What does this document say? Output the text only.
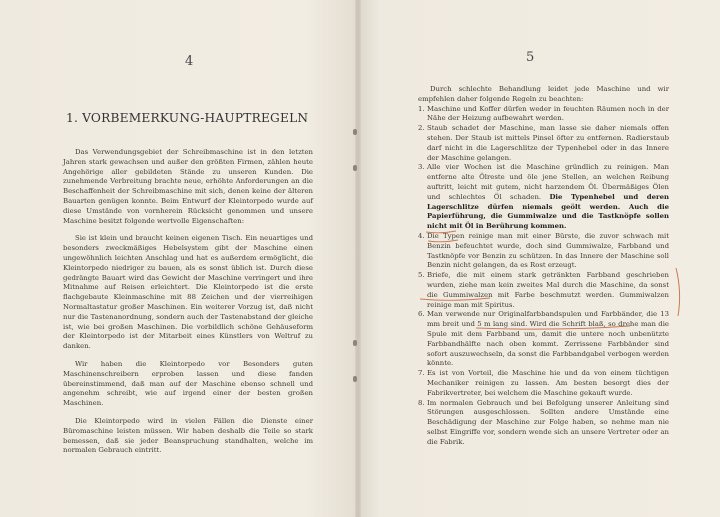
4
1. VORBEMERKUNG-HAUPTREGELN

Das Verwendungsgebiet der Schreibmaschine ist in den letzten Jahren stark gewachsen und außer den größten Firmen, zählen heute Angehörige aller gebildeten Stände zu unseren Kunden. Die zunehmende Verbreitung brachte neue, erhöhte Anforderungen an die Beschaffenheit der Schreibmaschine mit sich, denen keine der älteren Bauarten genügen konnte. Beim Entwurf der Kleintorpedo wurde auf diese Umstände von vornherein Rücksicht genommen und unsere Maschine besitzt folgende wertvolle Eigenschaften:

Sie ist klein und braucht keinen eigenen Tisch. Ein neuartiges und besonders zweckmäßiges Hebelsystem gibt der Maschine einen ungewöhnlich leichten Anschlag und hat es außerdem ermöglicht, die Kleintorpedo niedriger zu bauen, als es sonst üblich ist. Durch diese gedrängte Bauart wird das Gewicht der Maschine verringert und ihre Mitnahme auf Reisen erleichtert. Die Kleintorpedo ist die erste flachgebaute Kleinmaschine mit 88 Zeichen und der vierreihigen Normaltastatur großer Maschinen. Ein weiterer Vorzug ist, daß nicht nur die Tastenanordnung, sondern auch der Tastenabstand der gleiche ist, wie bei großen Maschinen. Die vorbildlich schöne Gehäuseform der Kleintorpedo ist der Mitarbeit eines Künstlers von Weltruf zu danken.

Wir haben die Kleintorpedo vor Besonders guten Maschinenschreibern erproben lassen und diese fanden übereinstimmend, daß man auf der Maschine ebenso schnell und angenehm schreibt, wie auf irgend einer der besten großen Maschinen.

Die Kleintorpedo wird in vielen Fällen die Dienste einer Büromaschine leisten müssen. Wir haben deshalb die Teile so stark bemessen, daß sie jeder Beanspruchung standhalten, welche im normalen Gebrauch eintritt.

5

Durch schlechte Behandlung leidet jede Maschine und wir empfehlen daher folgende Regeln zu beachten:

1. Maschine und Koffer dürfen weder in feuchten Räumen noch in der Nähe der Heizung aufbewahrt werden.
2. Staub schadet der Maschine, man lasse sie daher niemals offen stehen. Der Staub ist mittels Pinsel öfter zu entfernen. Radierstaub darf nicht in die Lagerschlitze der Typenhebel oder in das Innere der Maschine gelangen.
3. Alle vier Wochen ist die Maschine gründlich zu reinigen. Man entferne alte Ölreste und öle jene Stellen, an welchen Reibung auftritt, leicht mit gutem, nicht harzendem Öl. Übermäßiges Ölen und schlechtes Öl schaden. Die Typenhebel und deren Lagerschlitze dürfen niemals geölt werden. Auch die Papierführung, die Gummiwalze und die Tastknöpfe sollen nicht mit Öl in Berührung kommen.
4. Die Typen reinige man mit einer Bürste, die zuvor schwach mit Benzin befeuchtet wurde, doch sind Gummiwalze, Farbband und Tastknöpfe vor Benzin zu schützen. In das Innere der Maschine soll Benzin nicht gelangen, da es Rost erzeugt.
5. Briefe, die mit einem stark getränkten Farbband geschrieben wurden, ziehe man kein zweites Mal durch die Maschine, da sonst die Gummiwalzen mit Farbe beschmutzt werden. Gummiwalzen reinige man mit Spiritus.
6. Man verwende nur Originalfarbbandspulen und Farbbänder, die 13 mm breit und 5 m lang sind. Wird die Schrift blaß, so drehe man die Spule mit dem Farbband um, damit die untere noch unbenützte Farbbandhälfte nach oben kommt. Zerrissene Farbbänder sind sofort auszuwechseln, da sonst die Farbbandgabel verbogen werden könnte.
7. Es ist von Vorteil, die Maschine hie und da von einem tüchtigen Mechaniker reinigen zu lassen. Am besten besorgt dies der Fabrikvertreter, bei welchem die Maschine gekauft wurde.
8. Im normalen Gebrauch und bei Befolgung unserer Anleitung sind Störungen ausgeschlossen. Sollten andere Umstände eine Beschädigung der Maschine zur Folge haben, so nehme man nie selbst Eingriffe vor, sondern wende sich an unsere Vertreter oder an die Fabrik.
